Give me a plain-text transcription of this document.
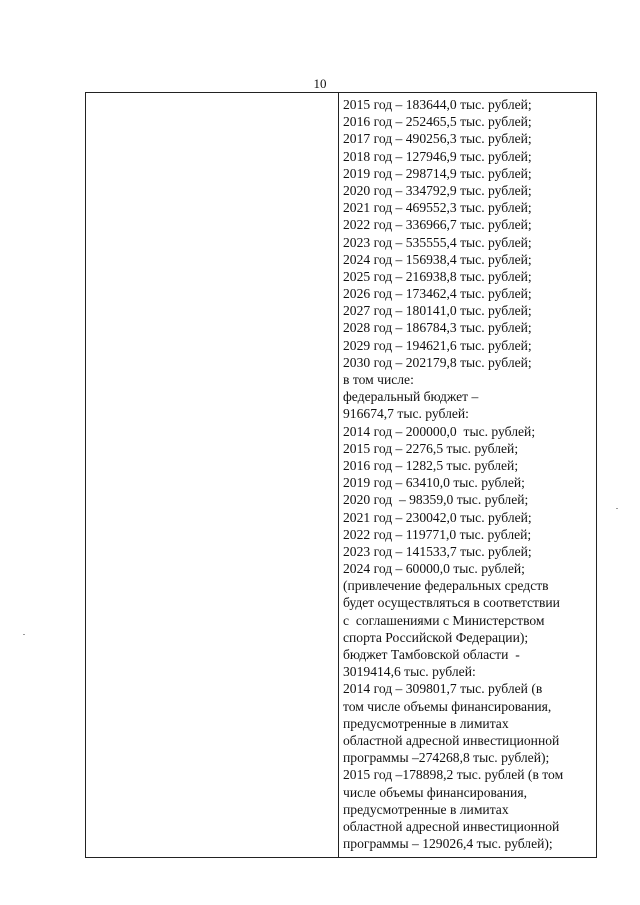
10
2015 год – 183644,0 тыс. рублей;
2016 год – 252465,5 тыс. рублей;
2017 год – 490256,3 тыс. рублей;
2018 год – 127946,9 тыс. рублей;
2019 год – 298714,9 тыс. рублей;
2020 год – 334792,9 тыс. рублей;
2021 год – 469552,3 тыс. рублей;
2022 год – 336966,7 тыс. рублей;
2023 год – 535555,4 тыс. рублей;
2024 год – 156938,4 тыс. рублей;
2025 год – 216938,8 тыс. рублей;
2026 год – 173462,4 тыс. рублей;
2027 год – 180141,0 тыс. рублей;
2028 год – 186784,3 тыс. рублей;
2029 год – 194621,6 тыс. рублей;
2030 год – 202179,8 тыс. рублей;
в том числе:
федеральный бюджет –
916674,7 тыс. рублей:
2014 год – 200000,0  тыс. рублей;
2015 год – 2276,5 тыс. рублей;
2016 год – 1282,5 тыс. рублей;
2019 год – 63410,0 тыс. рублей;
2020 год  – 98359,0 тыс. рублей;
2021 год – 230042,0 тыс. рублей;
2022 год – 119771,0 тыс. рублей;
2023 год – 141533,7 тыс. рублей;
2024 год – 60000,0 тыс. рублей;
(привлечение федеральных средств
будет осуществляться в соответствии
с  соглашениями с Министерством
спорта Российской Федерации);
бюджет Тамбовской области  -
3019414,6 тыс. рублей:
2014 год – 309801,7 тыс. рублей (в
том числе объемы финансирования,
предусмотренные в лимитах
областной адресной инвестиционной
программы –274268,8 тыс. рублей);
2015 год –178898,2 тыс. рублей (в том
числе объемы финансирования,
предусмотренные в лимитах
областной адресной инвестиционной
программы – 129026,4 тыс. рублей);
